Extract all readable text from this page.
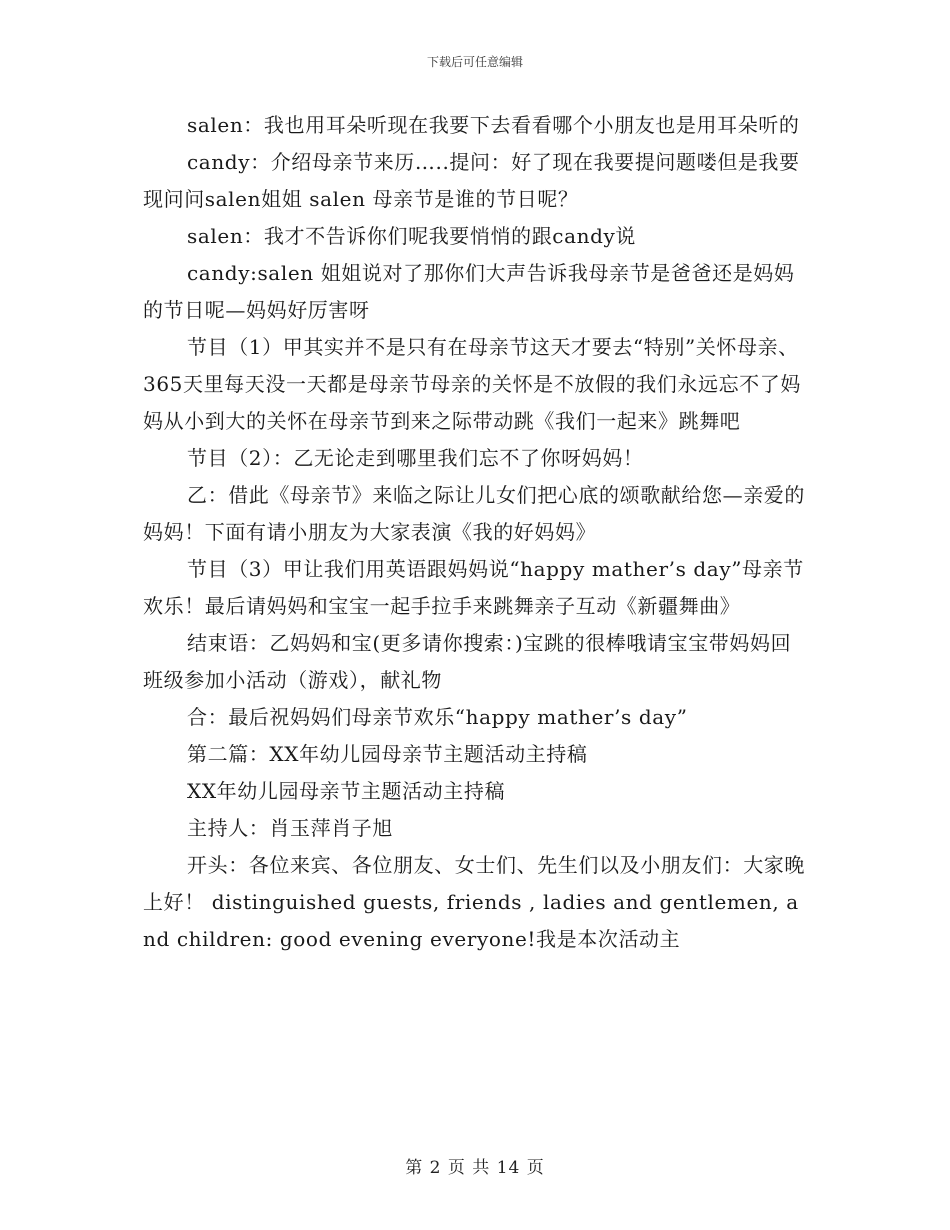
下载后可任意编辑

salen：我也用耳朵听现在我要下去看看哪个小朋友也是用耳朵听的

candy：介绍母亲节来历…..提问：好了现在我要提问题喽但是我要现问问salen姐姐 salen 母亲节是谁的节日呢？

salen：我才不告诉你们呢我要悄悄的跟candy说

candy:salen 姐姐说对了那你们大声告诉我母亲节是爸爸还是妈妈的节日呢—妈妈好厉害呀

节目（1）甲其实并不是只有在母亲节这天才要去“特别”关怀母亲、365天里每天没一天都是母亲节母亲的关怀是不放假的我们永远忘不了妈妈从小到大的关怀在母亲节到来之际带动跳《我们一起来》跳舞吧

节目（2）：乙无论走到哪里我们忘不了你呀妈妈！

乙：借此《母亲节》来临之际让儿女们把心底的颂歌献给您—亲爱的妈妈！下面有请小朋友为大家表演《我的好妈妈》

节目（3）甲让我们用英语跟妈妈说“happy mather’s day”母亲节欢乐！最后请妈妈和宝宝一起手拉手来跳舞亲子互动《新疆舞曲》

结束语：乙妈妈和宝(更多请你搜索：)宝跳的很棒哦请宝宝带妈妈回班级参加小活动（游戏），献礼物

合：最后祝妈妈们母亲节欢乐“happy mather’s day”

第二篇：XX年幼儿园母亲节主题活动主持稿

XX年幼儿园母亲节主题活动主持稿

主持人：肖玉萍肖子旭

开头：各位来宾、各位朋友、女士们、先生们以及小朋友们：大家晚上好！ distinguished guests, friends , ladies and gentlemen, and children: good evening everyone!我是本次活动主

第 2 页 共 14 页
